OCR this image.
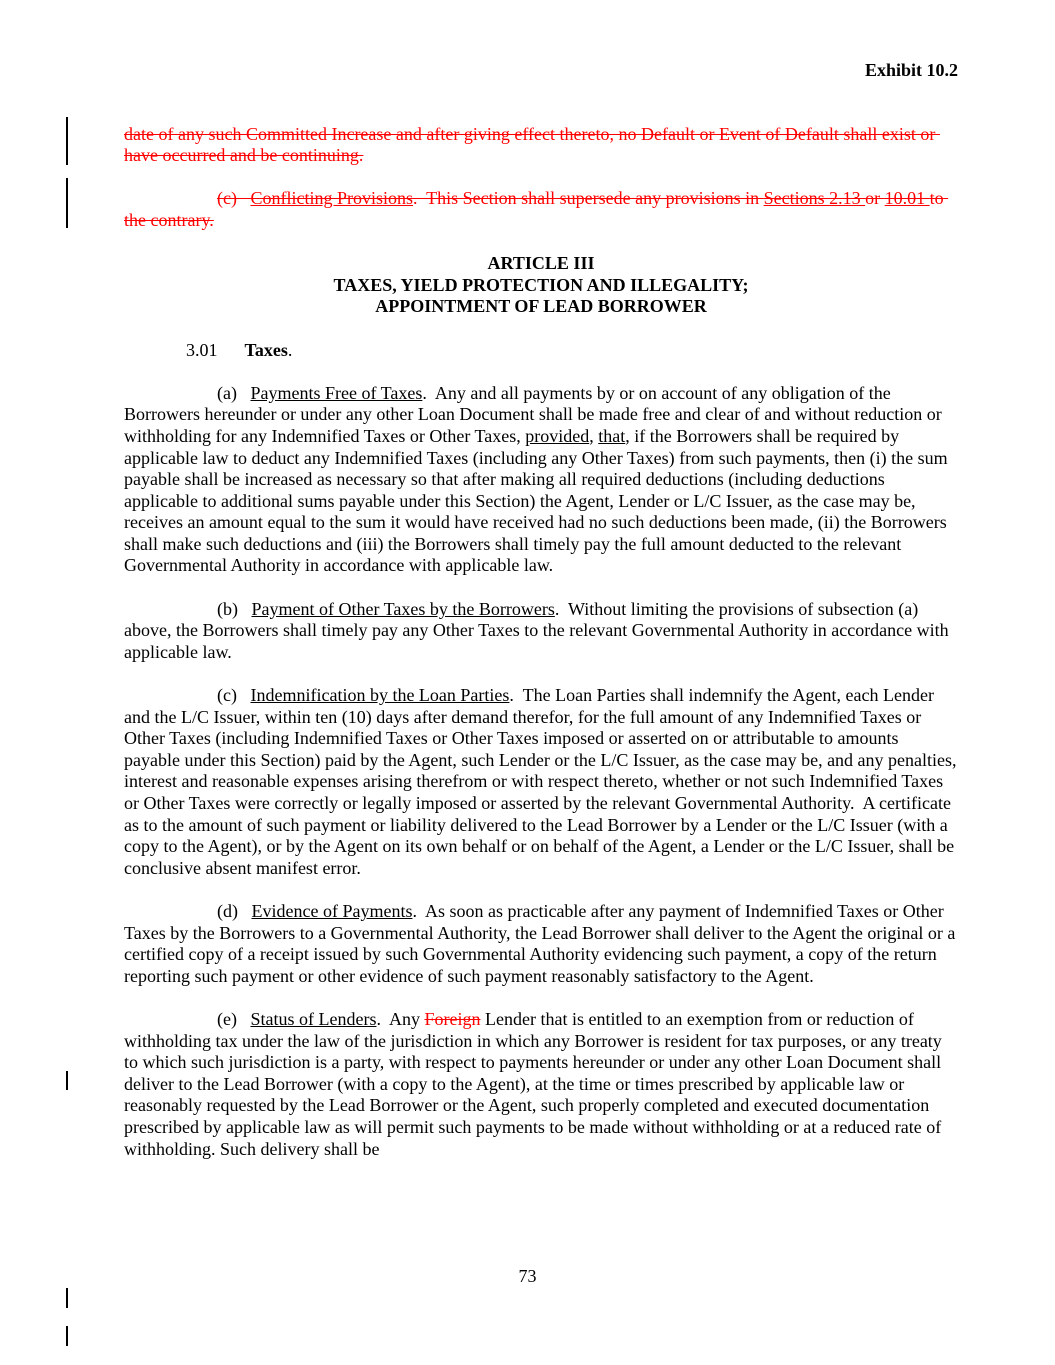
Exhibit 10.2

date of any such Committed Increase and after giving effect thereto, no Default or Event of Default shall exist or have occurred and be continuing.

(c)   Conflicting Provisions.  This Section shall supersede any provisions in Sections 2.13 or 10.01 to the contrary.

ARTICLE III
TAXES, YIELD PROTECTION AND ILLEGALITY;
APPOINTMENT OF LEAD BORROWER

3.01      Taxes.

(a)   Payments Free of Taxes.  Any and all payments by or on account of any obligation of the Borrowers hereunder or under any other Loan Document shall be made free and clear of and without reduction or withholding for any Indemnified Taxes or Other Taxes, provided, that, if the Borrowers shall be required by applicable law to deduct any Indemnified Taxes (including any Other Taxes) from such payments, then (i) the sum payable shall be increased as necessary so that after making all required deductions (including deductions applicable to additional sums payable under this Section) the Agent, Lender or L/C Issuer, as the case may be, receives an amount equal to the sum it would have received had no such deductions been made, (ii) the Borrowers shall make such deductions and (iii) the Borrowers shall timely pay the full amount deducted to the relevant Governmental Authority in accordance with applicable law.

(b)   Payment of Other Taxes by the Borrowers.  Without limiting the provisions of subsection (a) above, the Borrowers shall timely pay any Other Taxes to the relevant Governmental Authority in accordance with applicable law.

(c)   Indemnification by the Loan Parties.  The Loan Parties shall indemnify the Agent, each Lender and the L/C Issuer, within ten (10) days after demand therefor, for the full amount of any Indemnified Taxes or Other Taxes (including Indemnified Taxes or Other Taxes imposed or asserted on or attributable to amounts payable under this Section) paid by the Agent, such Lender or the L/C Issuer, as the case may be, and any penalties, interest and reasonable expenses arising therefrom or with respect thereto, whether or not such Indemnified Taxes or Other Taxes were correctly or legally imposed or asserted by the relevant Governmental Authority.  A certificate as to the amount of such payment or liability delivered to the Lead Borrower by a Lender or the L/C Issuer (with a copy to the Agent), or by the Agent on its own behalf or on behalf of the Agent, a Lender or the L/C Issuer, shall be conclusive absent manifest error.

(d)   Evidence of Payments.  As soon as practicable after any payment of Indemnified Taxes or Other Taxes by the Borrowers to a Governmental Authority, the Lead Borrower shall deliver to the Agent the original or a certified copy of a receipt issued by such Governmental Authority evidencing such payment, a copy of the return reporting such payment or other evidence of such payment reasonably satisfactory to the Agent.

(e)   Status of Lenders.  Any Foreign Lender that is entitled to an exemption from or reduction of withholding tax under the law of the jurisdiction in which any Borrower is resident for tax purposes, or any treaty to which such jurisdiction is a party, with respect to payments hereunder or under any other Loan Document shall deliver to the Lead Borrower (with a copy to the Agent), at the time or times prescribed by applicable law or reasonably requested by the Lead Borrower or the Agent, such properly completed and executed documentation prescribed by applicable law as will permit such payments to be made without withholding or at a reduced rate of withholding. Such delivery shall be

73
